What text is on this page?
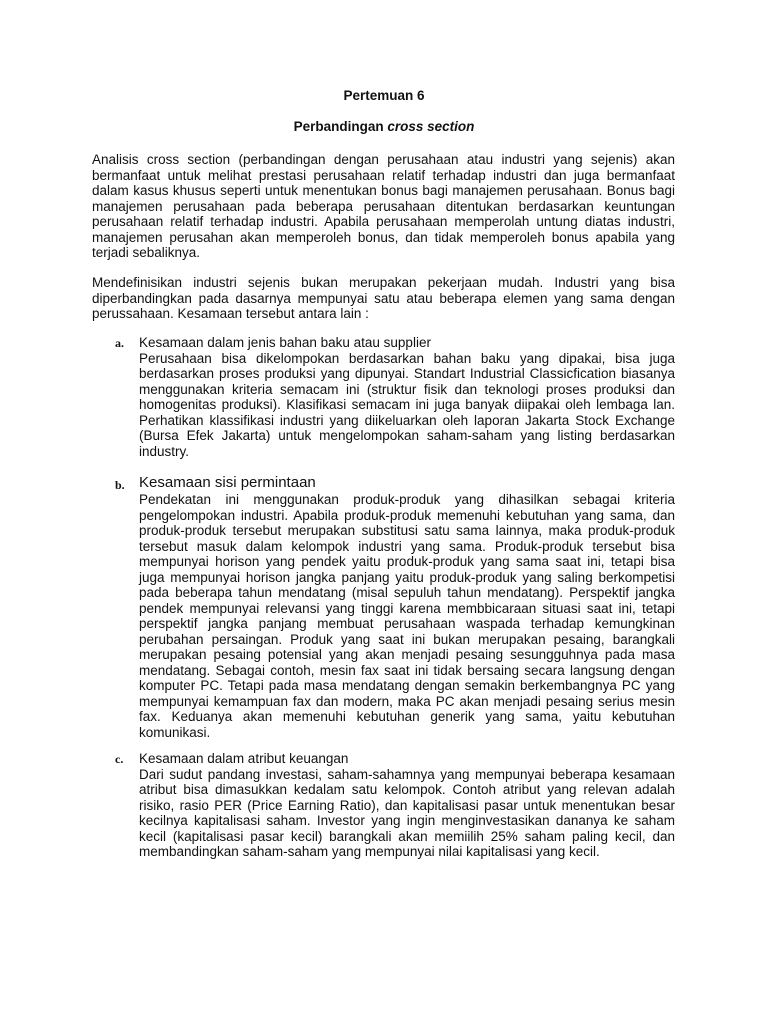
Pertemuan 6
Perbandingan cross section

Analisis cross section (perbandingan dengan perusahaan atau industri yang sejenis) akan bermanfaat untuk melihat prestasi perusahaan relatif terhadap industri dan juga bermanfaat dalam kasus khusus seperti untuk menentukan bonus bagi manajemen perusahaan. Bonus bagi manajemen perusahaan pada beberapa perusahaan ditentukan berdasarkan keuntungan perusahaan relatif terhadap industri. Apabila perusahaan memperolah untung diatas industri, manajemen perusahan akan memperoleh bonus, dan tidak memperoleh bonus apabila yang terjadi sebaliknya.

Mendefinisikan industri sejenis bukan merupakan pekerjaan mudah. Industri yang bisa diperbandingkan pada dasarnya mempunyai satu atau beberapa elemen yang sama dengan perussahaan. Kesamaan tersebut antara lain :

a. Kesamaan dalam jenis bahan baku atau supplier

Perusahaan bisa dikelompokan berdasarkan bahan baku yang dipakai, bisa juga berdasarkan proses produksi yang dipunyai. Standart Industrial Classicfication biasanya menggunakan kriteria semacam ini (struktur fisik dan teknologi proses produksi dan homogenitas produksi). Klasifikasi semacam ini juga banyak diipakai oleh lembaga lan. Perhatikan klassifikasi industri yang diikeluarkan oleh laporan Jakarta Stock Exchange (Bursa Efek Jakarta) untuk mengelompokan saham-saham yang listing berdasarkan industry.

b. Kesamaan sisi permintaan

Pendekatan ini menggunakan produk-produk yang dihasilkan sebagai kriteria pengelompokan industri. Apabila produk-produk memenuhi kebutuhan yang sama, dan produk-produk tersebut merupakan substitusi satu sama lainnya, maka produk-produk tersebut masuk dalam kelompok industri yang sama. Produk-produk tersebut bisa mempunyai horison yang pendek yaitu produk-produk yang sama saat ini, tetapi bisa juga mempunyai horison jangka panjang yaitu produk-produk yang saling berkompetisi pada beberapa tahun mendatang (misal sepuluh tahun mendatang). Perspektif jangka pendek mempunyai relevansi yang tinggi karena membbicaraan situasi saat ini, tetapi perspektif jangka panjang membuat perusahaan waspada terhadap kemungkinan perubahan persaingan. Produk yang saat ini bukan merupakan pesaing, barangkali merupakan pesaing potensial yang akan menjadi pesaing sesungguhnya pada masa mendatang. Sebagai contoh, mesin fax saat ini tidak bersaing secara langsung dengan komputer PC. Tetapi pada masa mendatang dengan semakin berkembangnya PC yang mempunyai kemampuan fax dan modern, maka PC akan menjadi pesaing serius mesin fax. Keduanya akan memenuhi kebutuhan generik yang sama, yaitu kebutuhan komunikasi.

c. Kesamaan dalam atribut keuangan

Dari sudut pandang investasi, saham-sahamnya yang mempunyai beberapa kesamaan atribut bisa dimasukkan kedalam satu kelompok. Contoh atribut yang relevan adalah risiko, rasio PER (Price Earning Ratio), dan kapitalisasi pasar untuk menentukan besar kecilnya kapitalisasi saham. Investor yang ingin menginvestasikan dananya ke saham kecil (kapitalisasi pasar kecil) barangkali akan memiilih 25% saham paling kecil, dan membandingkan saham-saham yang mempunyai nilai kapitalisasi yang kecil.
